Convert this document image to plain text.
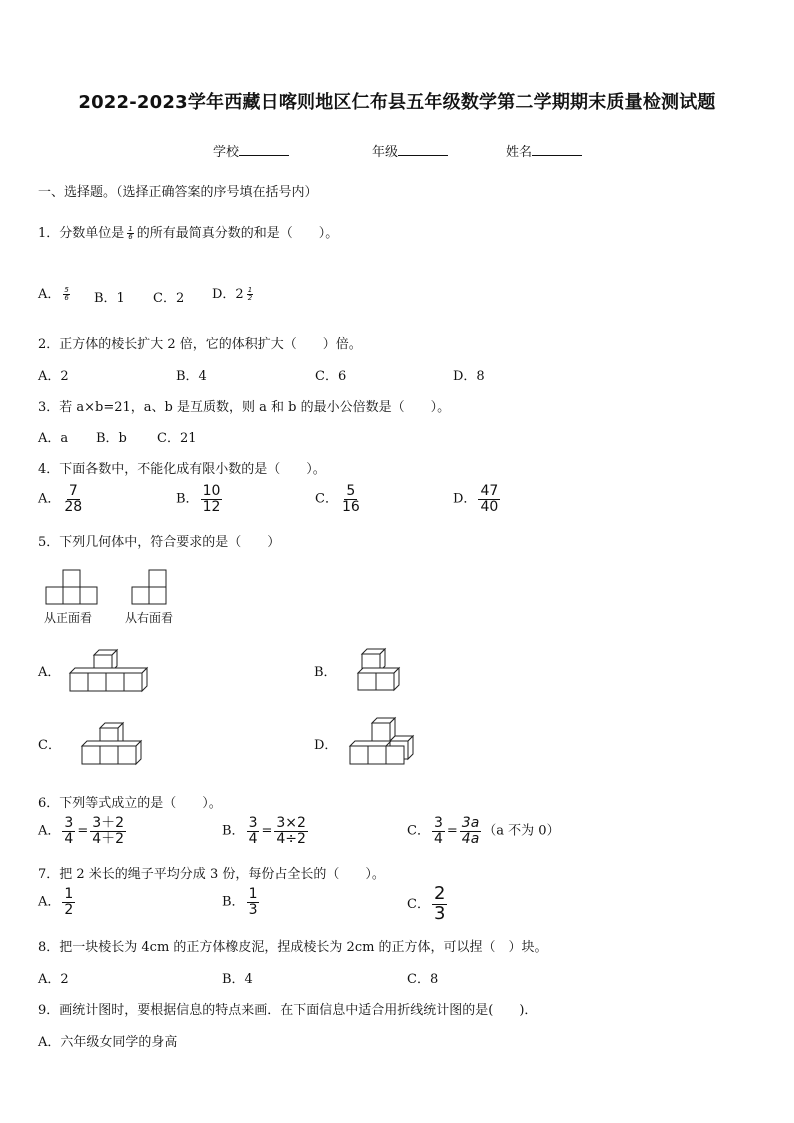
2022-2023学年西藏日喀则地区仁布县五年级数学第二学期期末质量检测试题
学校	年级	姓名
一、选择题。（选择正确答案的序号填在括号内）
1．分数单位是 $\frac{1}{6}$ 的所有最简真分数的和是（　　）。
A． $\frac{5}{6}$ B．1 C．2 D．$2 \frac{1}{2}$
2．正方体的棱长扩大 2 倍，它的体积扩大（　　）倍。
A．2	B．4	C．6	D．8
3．若 a×b=21，a、b 是互质数，则 a 和 b 的最小公倍数是（　　）。
A．a B．b C．21
4．下面各数中，不能化成有限小数的是（　　）。
A． $\frac{7}{28}$	B． $\frac{10}{12}$	C． $\frac{5}{16}$	D． $\frac{47}{40}$
5．下列几何体中，符合要求的是（　　）
从正面看	从右面看
A．	B．
C．	D．
6．下列等式成立的是（　　）。
A． $\frac{3}{4} = \frac{3+2}{4+2}$	B． $\frac{3}{4} = \frac{3\times 2}{4\div 2}$	C． $\frac{3}{4} = \frac{3a}{4a} (a$ 不为 0）
7．把 2 米长的绳子平均分成 3 份，每份占全长的（　　）。
A． $\frac{1}{2}$	B． $\frac{1}{3}$	C． $\frac{2}{3}$
8．把一块棱长为 4cm 的正方体橡皮泥，捏成棱长为 2cm 的正方体，可以捏（　）块。
A．2	B．4	C．8
9．画统计图时，要根据信息的特点来画．在下面信息中适合用折线统计图的是(　　)．
A．六年级女同学的身高
